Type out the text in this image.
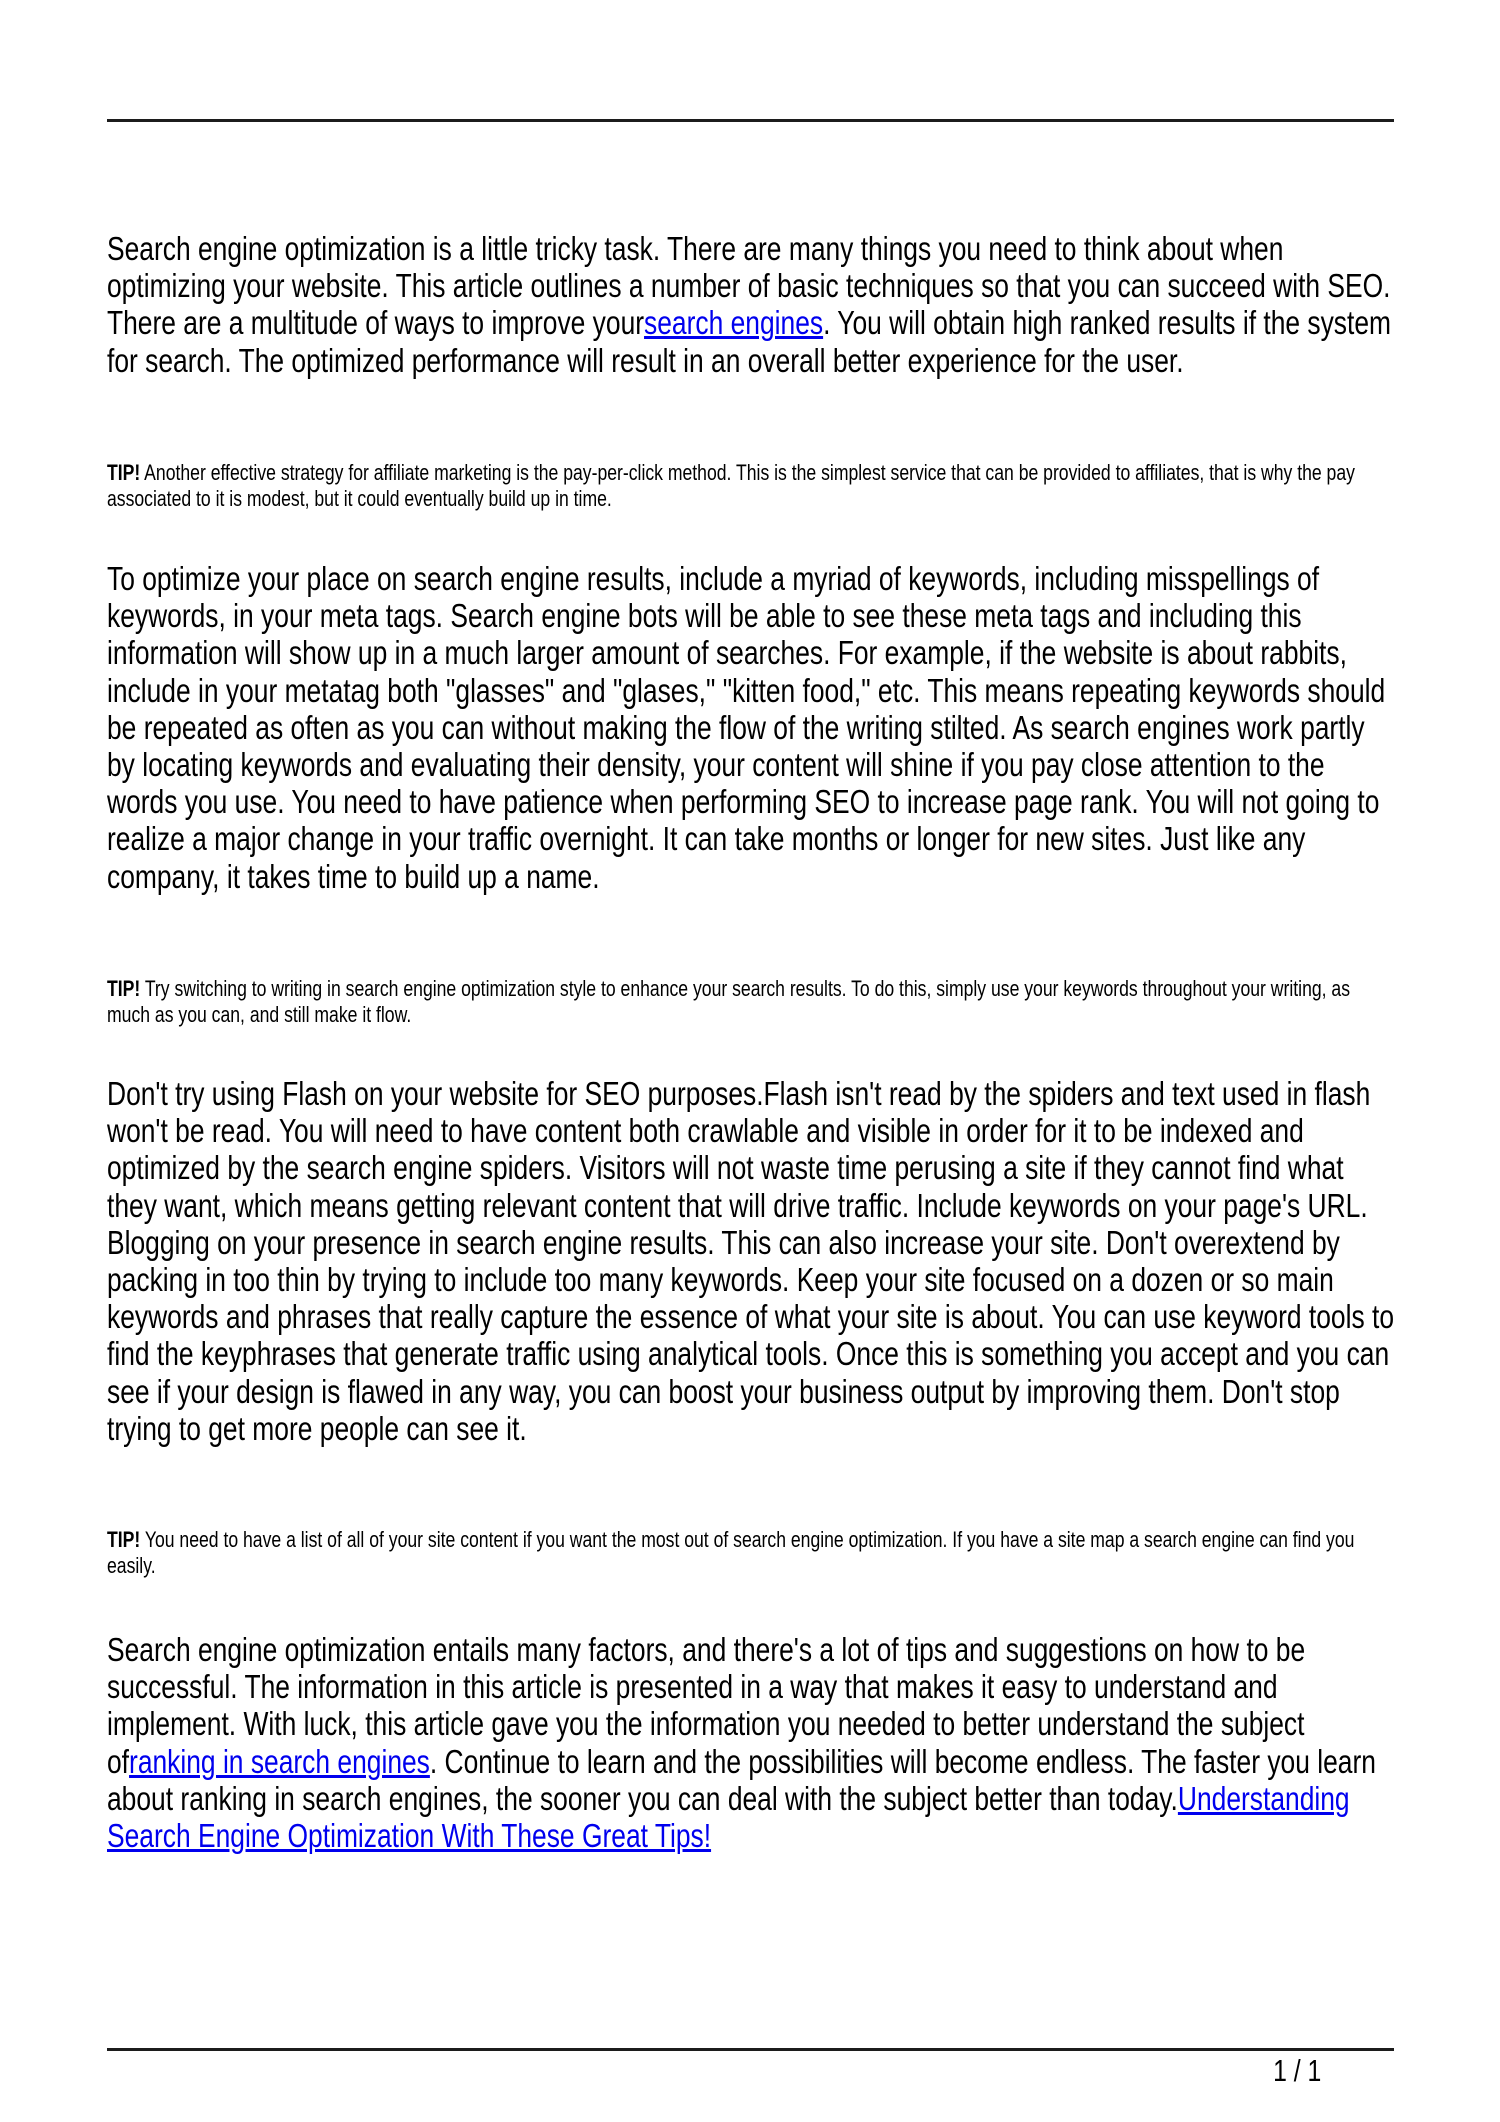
Search engine optimization is a little tricky task. There are many things you need to think about when optimizing your website. This article outlines a number of basic techniques so that you can succeed with SEO. There are a multitude of ways to improve yoursearch engines. You will obtain high ranked results if the system for search. The optimized performance will result in an overall better experience for the user.

TIP! Another effective strategy for affiliate marketing is the pay-per-click method. This is the simplest service that can be provided to affiliates, that is why the pay associated to it is modest, but it could eventually build up in time.

To optimize your place on search engine results, include a myriad of keywords, including misspellings of keywords, in your meta tags. Search engine bots will be able to see these meta tags and including this information will show up in a much larger amount of searches. For example, if the website is about rabbits, include in your metatag both "glasses" and "glases," "kitten food," etc. This means repeating keywords should be repeated as often as you can without making the flow of the writing stilted. As search engines work partly by locating keywords and evaluating their density, your content will shine if you pay close attention to the words you use. You need to have patience when performing SEO to increase page rank. You will not going to realize a major change in your traffic overnight. It can take months or longer for new sites. Just like any company, it takes time to build up a name.

TIP! Try switching to writing in search engine optimization style to enhance your search results. To do this, simply use your keywords throughout your writing, as much as you can, and still make it flow.

Don't try using Flash on your website for SEO purposes.Flash isn't read by the spiders and text used in flash won't be read. You will need to have content both crawlable and visible in order for it to be indexed and optimized by the search engine spiders. Visitors will not waste time perusing a site if they cannot find what they want, which means getting relevant content that will drive traffic. Include keywords on your page's URL. Blogging on your presence in search engine results. This can also increase your site. Don't overextend by packing in too thin by trying to include too many keywords. Keep your site focused on a dozen or so main keywords and phrases that really capture the essence of what your site is about. You can use keyword tools to find the keyphrases that generate traffic using analytical tools. Once this is something you accept and you can see if your design is flawed in any way, you can boost your business output by improving them. Don't stop trying to get more people can see it.

TIP! You need to have a list of all of your site content if you want the most out of search engine optimization. If you have a site map a search engine can find you easily.

Search engine optimization entails many factors, and there's a lot of tips and suggestions on how to be successful. The information in this article is presented in a way that makes it easy to understand and implement. With luck, this article gave you the information you needed to better understand the subject ofranking in search engines. Continue to learn and the possibilities will become endless. The faster you learn about ranking in search engines, the sooner you can deal with the subject better than today.Understanding Search Engine Optimization With These Great Tips!

1 / 1
